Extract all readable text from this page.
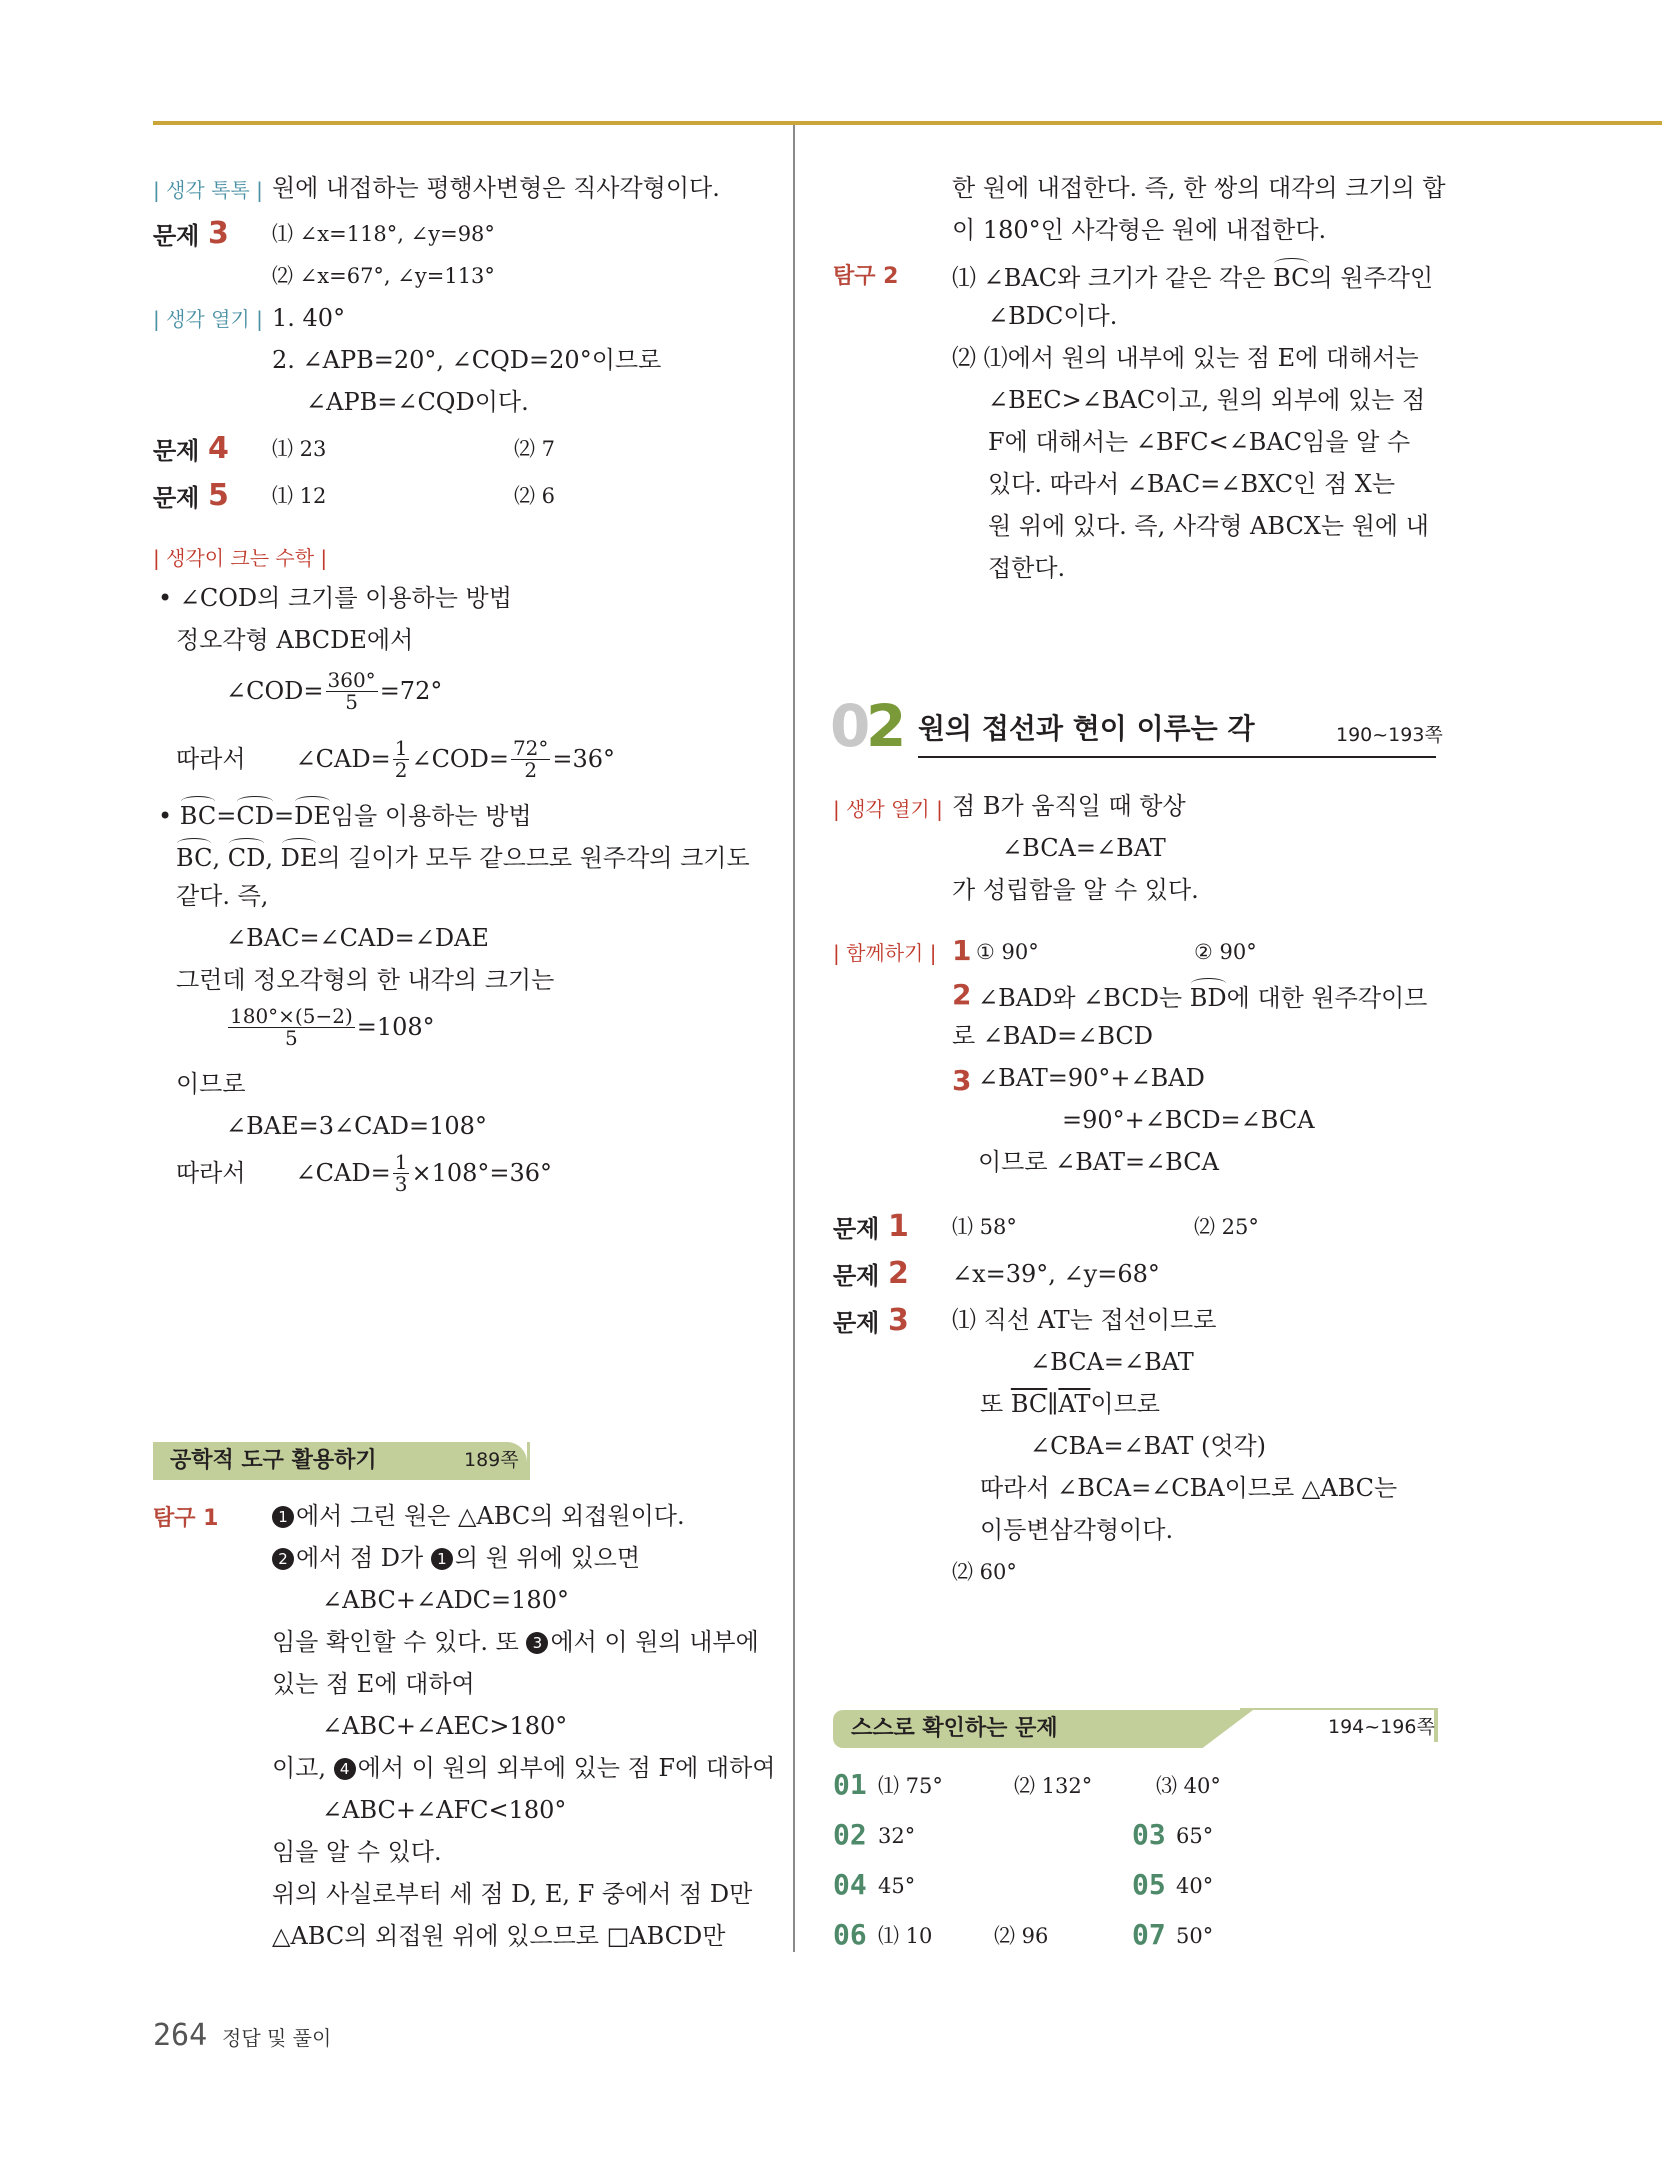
| 생각 톡톡 | 원에 내접하는 평행사변형은 직사각형이다.
문제 3 ⑴ ∠x=118°, ∠y=98°
⑵ ∠x=67°, ∠y=113°
| 생각 열기 | 1. 40°
2. ∠APB=20°, ∠CQD=20°이므로
∠APB=∠CQD이다.
문제 4 ⑴ 23	⑵ 7
문제 5 ⑴ 12	⑵ 6
| 생각이 크는 수학 |
• ∠COD의 크기를 이용하는 방법
정오각형 ABCDE에서
∠COD= $\frac{360^\circ}{5} =72^\circ$
따라서 ∠CAD= $\frac{1}{2}$ ∠COD= $\frac{72^\circ}{2} =36^\circ$
• BC=CD=DE임을 이용하는 방법
BC, CD, DE의 길이가 모두 같으므로 원주각의 크기도
같다. 즉,
∠BAC=∠CAD=∠DAE
그런데 정오각형의 한 내각의 크기는
$\frac{180^\circ\times(5-2)}{5} =108^\circ$
이므로
∠BAE=3∠CAD=108°
따라서 ∠CAD= $\frac{1}{3} \times 108^\circ=36^\circ$
공학적 도구 활용하기	189쪽
탐구 1	1 에서 그린 원은 △ABC의 외접원이다.
2 에서 점 D가 1 의 원 위에 있으면
∠ABC+∠ADC=180°
임을 확인할 수 있다. 또 3 에서 이 원의 내부에
있는 점 E에 대하여
∠ABC+∠AEC>180°
이고, 4 에서 이 원의 외부에 있는 점 F에 대하여
∠ABC+∠AFC<180°
임을 알 수 있다.
위의 사실로부터 세 점 D, E, F 중에서 점 D만
△ABC의 외접원 위에 있으므로 □ABCD만
264 정답 및 풀이
한 원에 내접한다. 즉, 한 쌍의 대각의 크기의 합
이 180°인 사각형은 원에 내접한다.
탐구 2 ⑴ ∠BAC와 크기가 같은 각은 BC의 원주각인
∠BDC이다.
⑵ ⑴에서 원의 내부에 있는 점 E에 대해서는
∠BEC>∠BAC이고, 원의 외부에 있는 점
F에 대해서는 ∠BFC<∠BAC임을 알 수
있다. 따라서 ∠BAC=∠BXC인 점 X는
원 위에 있다. 즉, 사각형 ABCX는 원에 내
접한다.
0
2 원의 접선과 현이 이루는 각	190~193쪽
| 생각 열기 | 점 B가 움직일 때 항상
∠BCA=∠BAT
가 성립함을 알 수 있다.
| 함께하기 | 1 ① 90°	② 90°
2 ∠BAD와 ∠BCD는 BD에 대한 원주각이므
로 ∠BAD=∠BCD
3 ∠BAT=90°+∠BAD
=90°+∠BCD=∠BCA
이므로 ∠BAT=∠BCA
문제 1 ⑴ 58°	⑵ 25°
문제 2 ∠x=39°, ∠y=68°
문제 3 ⑴ 직선 AT는 접선이므로
∠BCA=∠BAT
또 $\overline{BC}\parallel\overline{AT}$이므로
∠CBA=∠BAT (엇각)
따라서 ∠BCA=∠CBA이므로 △ABC는
이등변삼각형이다.
⑵ 60°
스스로 확인하는 문제	194~196쪽
01 ⑴ 75°	⑵ 132°	⑶ 40°
02 32°	03 65°
04 45°	05 40°
06 ⑴ 10	⑵ 96	07 50°
